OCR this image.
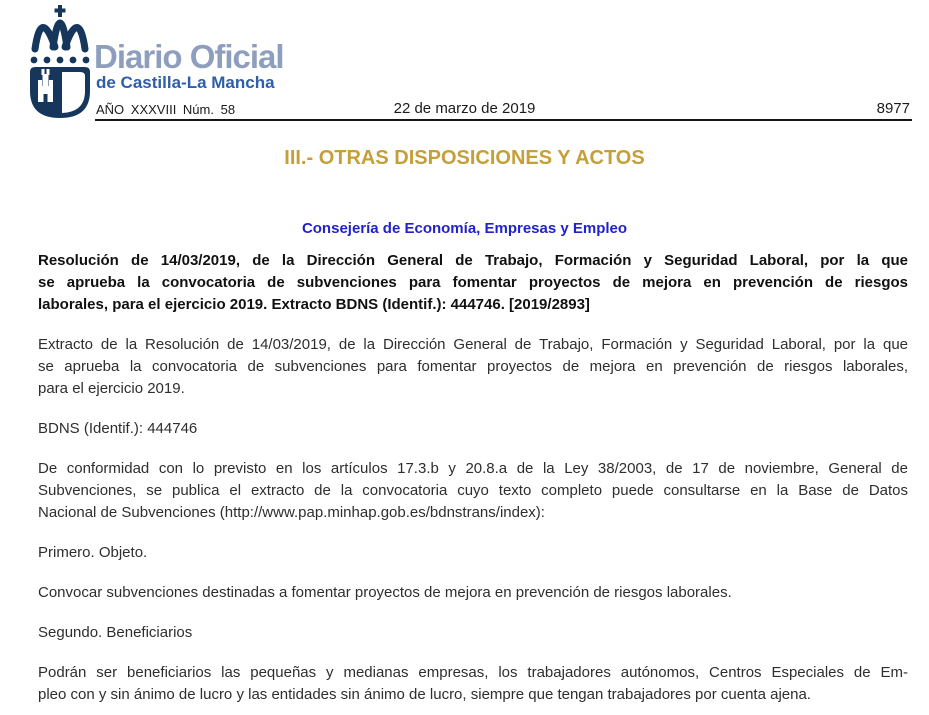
Diario Oficial
de Castilla-La Mancha
AÑO XXXVIII Núm. 58	22 de marzo de 2019	8977
III.- OTRAS DISPOSICIONES Y ACTOS
Consejería de Economía, Empresas y Empleo

Resolución de 14/03/2019, de la Dirección General de Trabajo, Formación y Seguridad Laboral, por la que
se aprueba la convocatoria de subvenciones para fomentar proyectos de mejora en prevención de riesgos
laborales, para el ejercicio 2019. Extracto BDNS (Identif.): 444746. [2019/2893]

Extracto de la Resolución de 14/03/2019, de la Dirección General de Trabajo, Formación y Seguridad Laboral, por la que
se aprueba la convocatoria de subvenciones para fomentar proyectos de mejora en prevención de riesgos laborales,
para el ejercicio 2019.

BDNS (Identif.): 444746

De conformidad con lo previsto en los artículos 17.3.b y 20.8.a de la Ley 38/2003, de 17 de noviembre, General de
Subvenciones, se publica el extracto de la convocatoria cuyo texto completo puede consultarse en la Base de Datos
Nacional de Subvenciones (http://www.pap.minhap.gob.es/bdnstrans/index):

Primero. Objeto.

Convocar subvenciones destinadas a fomentar proyectos de mejora en prevención de riesgos laborales.

Segundo. Beneficiarios

Podrán ser beneficiarios las pequeñas y medianas empresas, los trabajadores autónomos, Centros Especiales de Em-
pleo con y sin ánimo de lucro y las entidades sin ánimo de lucro, siempre que tengan trabajadores por cuenta ajena.
